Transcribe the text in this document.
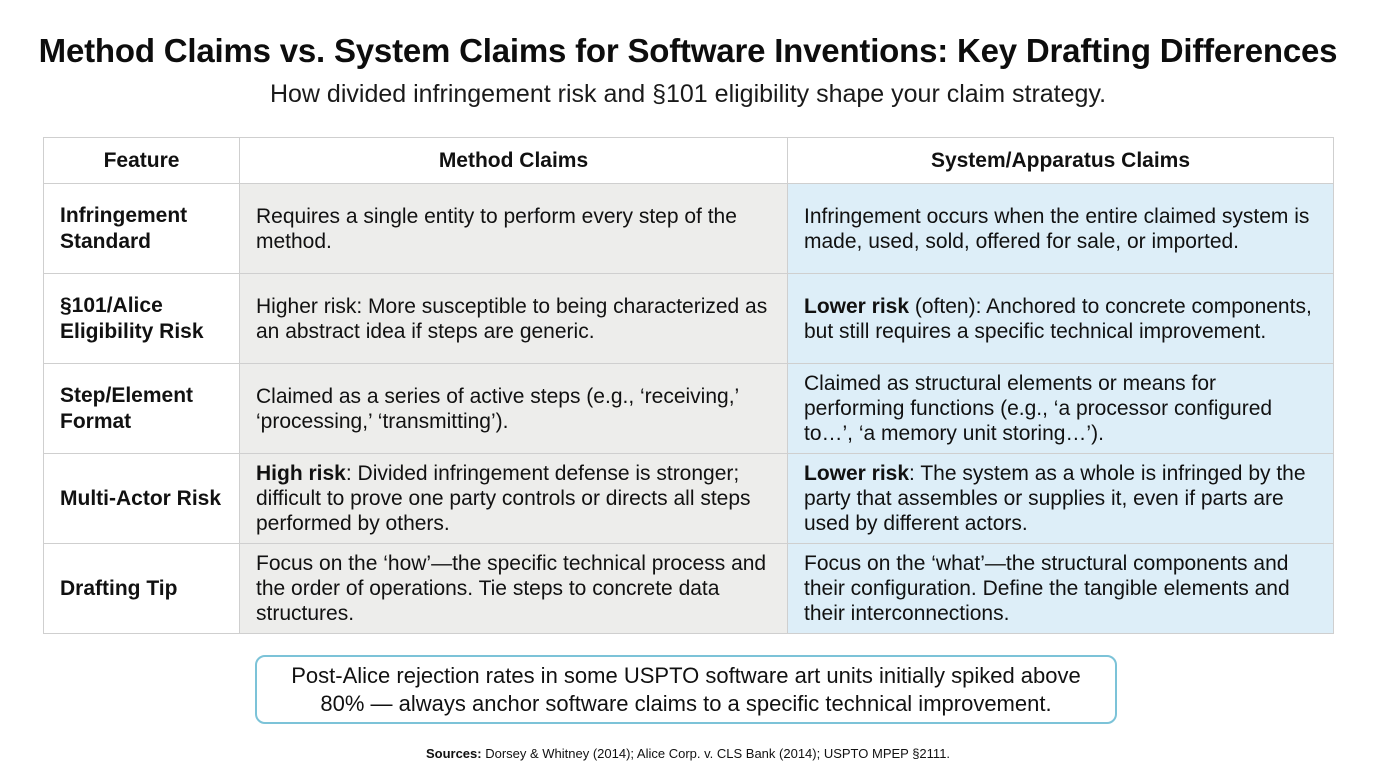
Method Claims vs. System Claims for Software Inventions: Key Drafting Differences
How divided infringement risk and §101 eligibility shape your claim strategy.
Feature	Method Claims	System/Apparatus Claims
Infringement Standard	Requires a single entity to perform every step of the method.	Infringement occurs when the entire claimed system is made, used, sold, offered for sale, or imported.
§101/Alice Eligibility Risk	Higher risk: More susceptible to being characterized as an abstract idea if steps are generic.	Lower risk (often): Anchored to concrete components, but still requires a specific technical improvement.
Step/Element Format	Claimed as a series of active steps (e.g., ‘receiving,’ ‘processing,’ ‘transmitting’).	Claimed as structural elements or means for performing functions (e.g., ‘a processor configured to…’, ‘a memory unit storing…’).
Multi-Actor Risk	High risk: Divided infringement defense is stronger; difficult to prove one party controls or directs all steps performed by others.	Lower risk: The system as a whole is infringed by the party that assembles or supplies it, even if parts are used by different actors.
Drafting Tip	Focus on the ‘how’—the specific technical process and the order of operations. Tie steps to concrete data structures.	Focus on the ‘what’—the structural components and their configuration. Define the tangible elements and their interconnections.
Post-Alice rejection rates in some USPTO software art units initially spiked above 80% — always anchor software claims to a specific technical improvement.
Sources: Dorsey & Whitney (2014); Alice Corp. v. CLS Bank (2014); USPTO MPEP §2111.
